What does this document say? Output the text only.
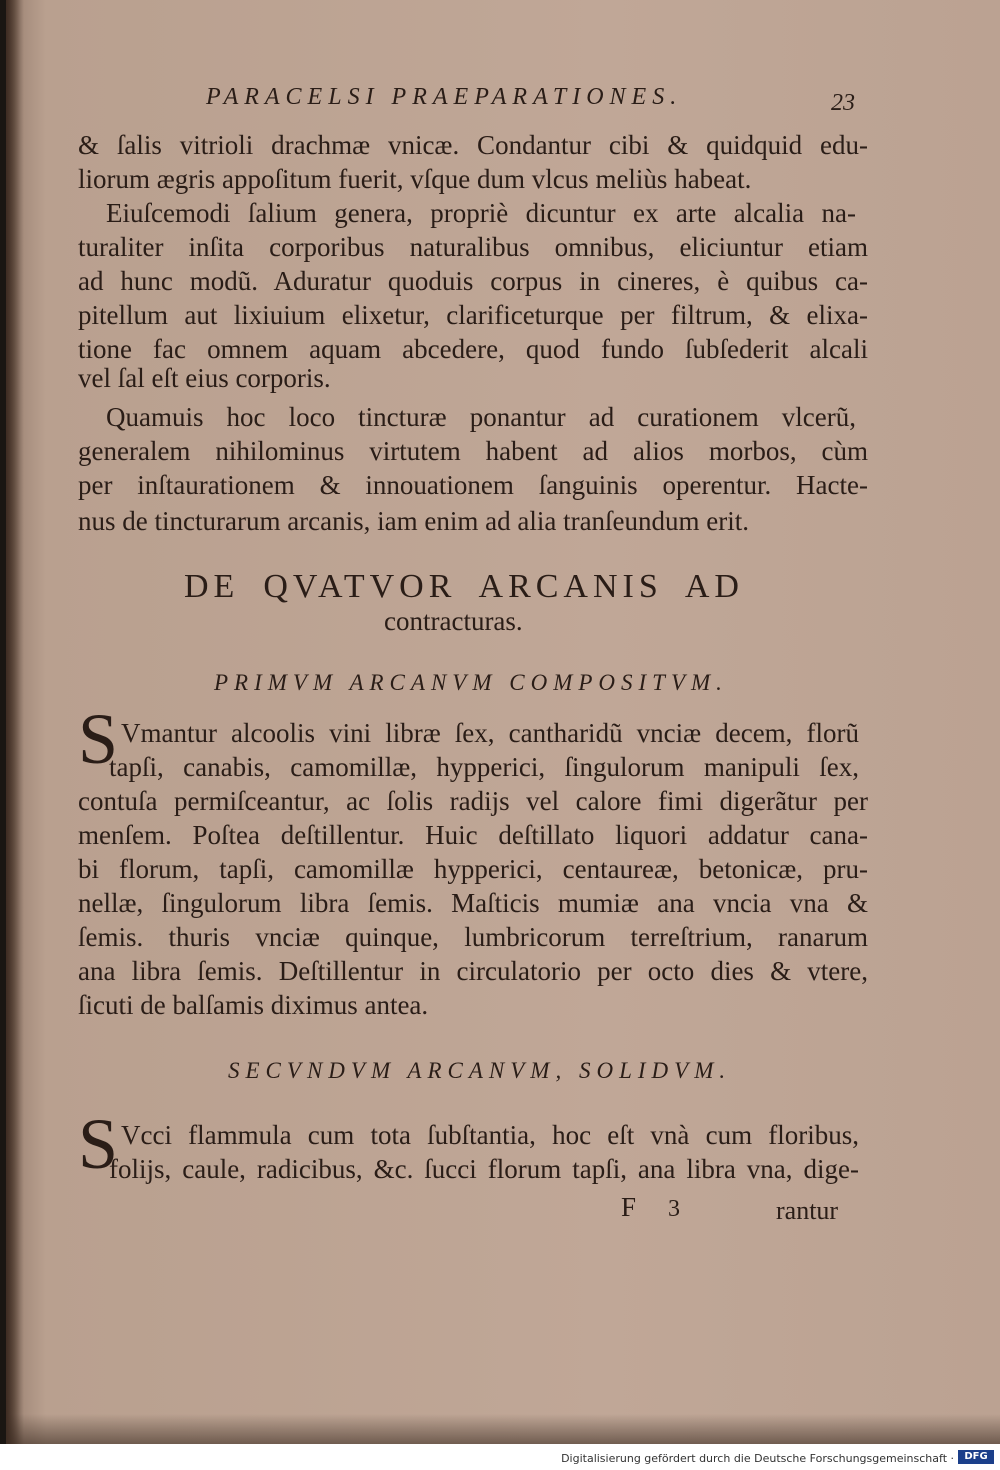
PARACELSI PRAEPARATIONES.	23
& ſalis vitrioli drachmæ vnicæ. Condantur cibi & quidquid edu-
liorum ægris appoſitum fuerit, vſque dum vlcus meliùs habeat.
Eiuſcemodi ſalium genera, propriè dicuntur ex arte alcalia na-
turaliter inſita corporibus naturalibus omnibus, eliciuntur etiam
ad hunc modũ. Aduratur quoduis corpus in cineres, è quibus ca-
pitellum aut lixiuium elixetur, clarificeturque per filtrum, & elixa-
tione fac omnem aquam abcedere, quod fundo ſubſederit alcali
vel ſal eſt eius corporis.
Quamuis hoc loco tincturæ ponantur ad curationem vlcerũ,
generalem nihilominus virtutem habent ad alios morbos, cùm
per inſtaurationem & innouationem ſanguinis operentur. Hacte-
nus de tincturarum arcanis, iam enim ad alia tranſeundum erit.
DE QVATVOR ARCANIS AD
contracturas.
PRIMVM ARCANVM COMPOSITVM.
S Vmantur alcoolis vini libræ ſex, cantharidũ vnciæ decem, florũ
tapſi, canabis, camomillæ, hypperici, ſingulorum manipuli ſex,
contuſa permiſceantur, ac ſolis radijs vel calore fimi digerãtur per
menſem. Poſtea deſtillentur. Huic deſtillato liquori addatur cana-
bi florum, tapſi, camomillæ hypperici, centaureæ, betonicæ, pru-
nellæ, ſingulorum libra ſemis. Maſticis mumiæ ana vncia vna &
ſemis. thuris vnciæ quinque, lumbricorum terreſtrium, ranarum
ana libra ſemis. Deſtillentur in circulatorio per octo dies & vtere,
ſicuti de balſamis diximus antea.
SECVNDVM ARCANVM, SOLIDVM.
S Vcci flammula cum tota ſubſtantia, hoc eſt vnà cum floribus,
folijs, caule, radicibus, &c. ſucci florum tapſi, ana libra vna, dige-
F 3	rantur
Digitalisierung gefördert durch die Deutsche Forschungsgemeinschaft ·	DFG
